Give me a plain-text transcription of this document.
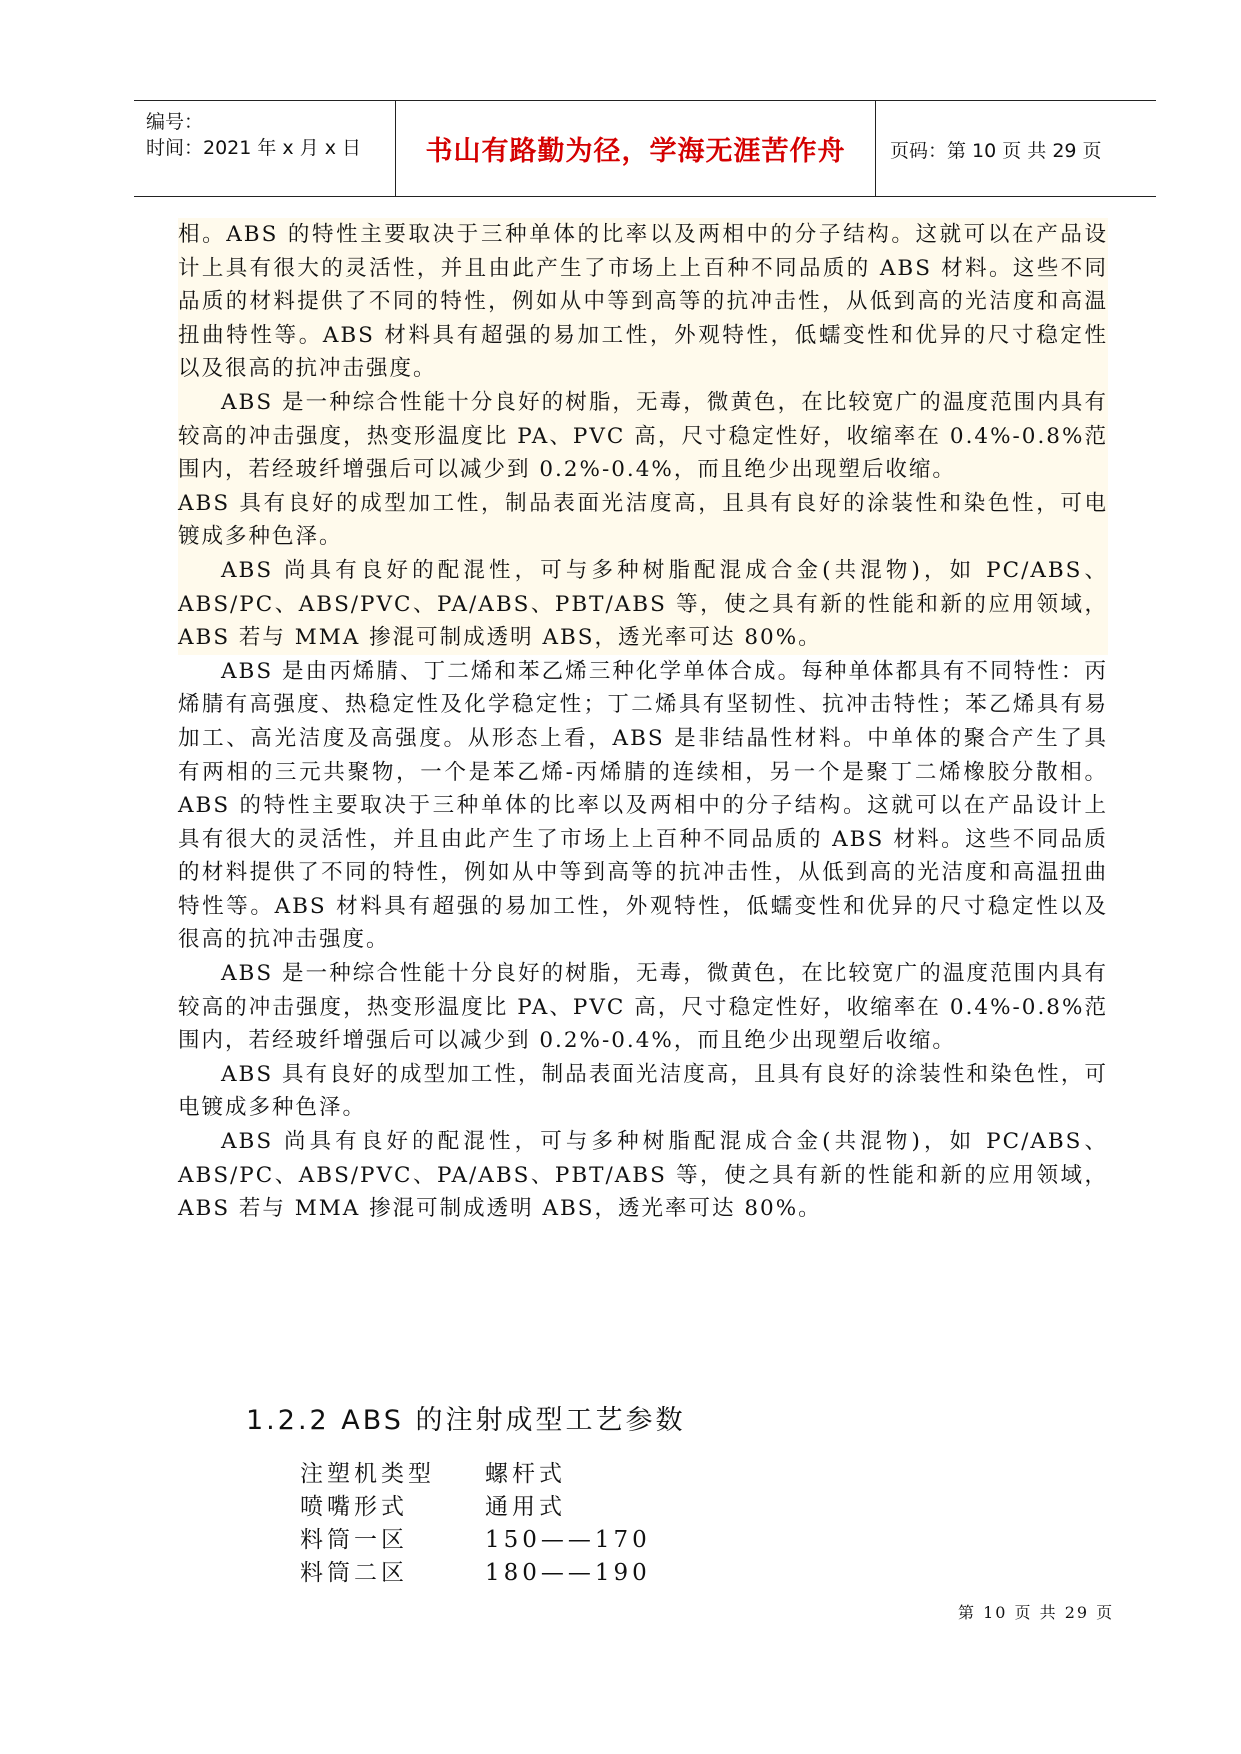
编号：
时间：2021 年 x 月 x 日	书山有路勤为径，学海无涯苦作舟	页码：第 10 页 共 29 页

相。ABS 的特性主要取决于三种单体的比率以及两相中的分子结构。这就可以在产品设计上具有很大的灵活性，并且由此产生了市场上上百种不同品质的 ABS 材料。这些不同品质的材料提供了不同的特性，例如从中等到高等的抗冲击性，从低到高的光洁度和高温扭曲特性等。ABS 材料具有超强的易加工性，外观特性，低蠕变性和优异的尺寸稳定性以及很高的抗冲击强度。

ABS 是一种综合性能十分良好的树脂，无毒，微黄色，在比较宽广的温度范围内具有较高的冲击强度，热变形温度比 PA、PVC 高，尺寸稳定性好，收缩率在 0.4%-0.8%范围内，若经玻纤增强后可以减少到 0.2%-0.4%，而且绝少出现塑后收缩。

ABS 具有良好的成型加工性，制品表面光洁度高，且具有良好的涂装性和染色性，可电镀成多种色泽。

ABS 尚具有良好的配混性，可与多种树脂配混成合金(共混物)，如 PC/ABS、ABS/PC、ABS/PVC、PA/ABS、PBT/ABS 等，使之具有新的性能和新的应用领域，ABS 若与 MMA 掺混可制成透明 ABS，透光率可达 80%。

ABS 是由丙烯腈、丁二烯和苯乙烯三种化学单体合成。每种单体都具有不同特性：丙烯腈有高强度、热稳定性及化学稳定性；丁二烯具有坚韧性、抗冲击特性；苯乙烯具有易加工、高光洁度及高强度。从形态上看，ABS 是非结晶性材料。中单体的聚合产生了具有两相的三元共聚物，一个是苯乙烯-丙烯腈的连续相，另一个是聚丁二烯橡胶分散相。ABS 的特性主要取决于三种单体的比率以及两相中的分子结构。这就可以在产品设计上具有很大的灵活性，并且由此产生了市场上上百种不同品质的 ABS 材料。这些不同品质的材料提供了不同的特性，例如从中等到高等的抗冲击性，从低到高的光洁度和高温扭曲特性等。ABS 材料具有超强的易加工性，外观特性，低蠕变性和优异的尺寸稳定性以及很高的抗冲击强度。

ABS 是一种综合性能十分良好的树脂，无毒，微黄色，在比较宽广的温度范围内具有较高的冲击强度，热变形温度比 PA、PVC 高，尺寸稳定性好，收缩率在 0.4%-0.8%范围内，若经玻纤增强后可以减少到 0.2%-0.4%，而且绝少出现塑后收缩。

ABS 具有良好的成型加工性，制品表面光洁度高，且具有良好的涂装性和染色性，可电镀成多种色泽。

ABS 尚具有良好的配混性，可与多种树脂配混成合金(共混物)，如 PC/ABS、ABS/PC、ABS/PVC、PA/ABS、PBT/ABS 等，使之具有新的性能和新的应用领域，ABS 若与 MMA 掺混可制成透明 ABS，透光率可达 80%。

1.2.2 ABS 的注射成型工艺参数
注塑机类型 螺杆式
喷嘴形式	通用式
料筒一区	150——170
料筒二区	180——190
第 10 页 共 29 页
